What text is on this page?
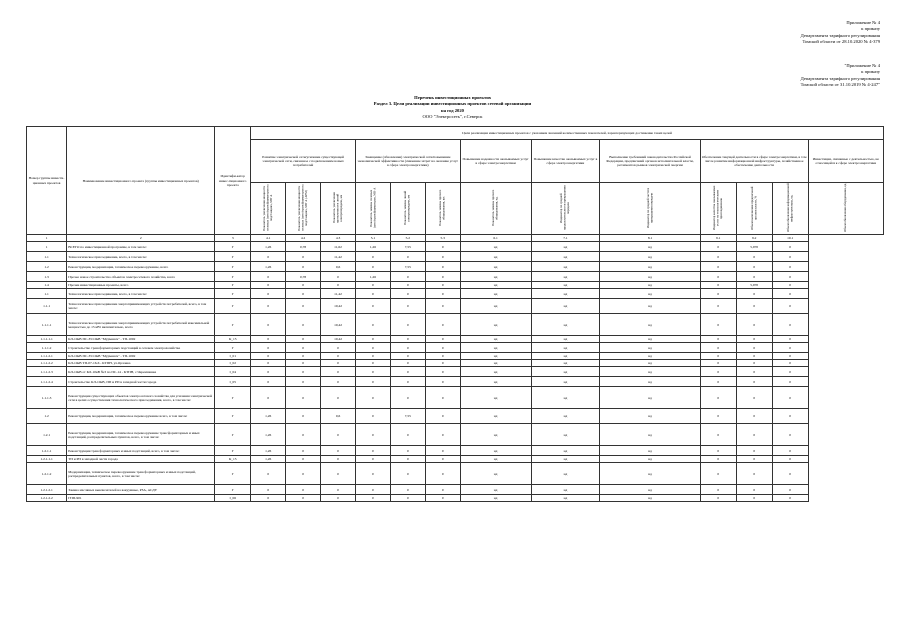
Приложение № 4
к приказу
Департамента тарифного регулирования
Томской области от 28.10.2020 № 4-379
"Приложение № 4
к приказу
Департамента тарифного регулирования
Томской области от 31.10.2019 № 4-247"
Перечень инвестиционных проектов
Раздел 3. Цели реализации инвестиционных проектов сетевой организации
на год 2020
ООО "Электросеть", г.Северск
Номер группы инвести-ционных проектов	Наименование инвестиционного проекта (группы инвестиционных проектов)	Идентифи-катор инвес-тиционного проекта	Цели реализации инвестиционных проектов с указанием значений количественных показателей, характеризующих достижение таких целей												
			Развитие электрической сети/усиление существующей электрической сети, связанное с подключением новых потребителей			Замещение (обновление) электрической сети/повышение экономической эффективности (снижение затрат на оказание услуг в сфере электроэнергетики)			Повышение надежности оказываемых услуг в сфере электроэнергетики	Повышение качества оказываемых услуг в сфере электроэнергетики	Выполнение требований законодательства Российской Федерации, предписаний органов исполнительной власти, регламентов рынков электрической энергии	Обеспечение текущей деятельности в сфере электроэнергетики, в том числе развитие информационной инфраструктуры, хозяйственное обеспечение деятельности			Инвестиции, связанные с деятельностью, не относящейся к сфере электроэнергетики
			Показатель увеличения мощности силовых (авто)трансформаторов на подстанциях, МВ·А	Показатель увеличения мощности силовых (авто)трансформаторов на подстанциях, МВ·А (АРМ)	Показатель увеличения протяженности линий электропередачи, км	Показатель замены силовых (авто)трансформаторов, МВ·А	Показатель замены линий электропередачи, км	Показатель замены прочего оборудования, шт.	Показатель замены прочего оборудования, ед.	Индикатор по средней продолжительности прекращения передачи	Индикатор по средней частоте прекращения передачи	Индикатор качества оказываемых услуг по технологическому присоединению	Объем выполнения предписаний органов власти, %	Объем обновления информационной инфраструктуры, ед.	Объем обновления оборудования, ед.
1	2	3	4.1	4.2	4.3	5.1	5.2	5.3	6.1	7.1	8.1	9.1	9.2	10.1	
1	ВСЕГО по инвестиционной программе, в том числе:	Г	1,26	0,78	11,62	1,26	7,55	0	нд	нд	нд	0	5,970	0	
1.1	Технологическое присоединение, всего, в том числе:	Г	0	0	11,42	0	0	0	нд	нд	нд	0	0	0	
1.2	Реконструкция, модернизация, техническое перевооружение, всего	Г	1,26	0	0,6	0	7,55	0	нд	нд	нд	0	0	0	
1.3	Прочее новое строительство объектов электросетевого хозяйства, всего	Г	0	0,78	0	1,26	0	0	нд	нд	нд	0	0	0	
1.4	Прочие инвестиционные проекты, всего	Г	0	0	0	0	0	0	нд	нд	нд	0	5,970	0	
1.1	Технологическое присоединение, всего, в том числе:	Г	0	0	11,42	0	0	0	нд	нд	нд	0	0	0	
1.1.1	Технологическое присоединение энергопринимающих устройств потребителей, всего, в том числе:	Г	0	0	10,42	0	0	0	нд	нд	нд	0	0	0	
1.1.1.1	Технологическое присоединение энергопринимающих устройств потребителей максимальной мощностью до 15 кВт включительно, всего	Г	0	0	10,42	0	0	0	нд	нд	нд	0	0	0	
1.1.1.1.1	КЛ-10кВ ПС-35/10кВ "Мурманск" - ТП-1002	К_15	0	0	10,42	0	0	0	нд	нд	нд	0	0	0	
1.1.1.2	Строительство трансформаторных подстанций в сетевом электрохозяйстве	Г	0	0	0	0	0	0	нд	нд	нд	0	0	0	
1.1.1.2.1	КЛ-10кВ ПС-35/10кВ "Мурманск" - ТП-1002	I_01	0	0	0	0	0	0	нд	нд	нд	0	0	0	
1.1.1.2.2	КЛ-10кВ ТП-07-16-6 - КТПН, ул.Орловка	I_02	0	0	0	0	0	0	нд	нд	нд	0	0	0	
1.1.1.2.3	КЛ-10кВ от КЛ-10кВ №3 по ПС-14 - КТПН, с.Черемшанка	I_04	0	0	0	0	0	0	нд	нд	нд	0	0	0	
1.1.1.2.4	Строительство КЛ-10кВ, ПП и РП в западной части города	I_05	0	0	0	0	0	0	нд	нд	нд	0	0	0	
1.1.1.3	Реконструкция существующих объектов электросетевого хозяйства для усиления электрической сети в целях осуществления технологического присоединения, всего, в том числе:	Г	0	0	0	0	0	0	нд	нд	нд	0	0	0	
1.2	Реконструкция, модернизация, техническое перевооружение всего, в том числе:	Г	1,26	0	0,6	0	7,55	0	нд	нд	нд	0	0	0	
1.2.1	Реконструкция, модернизация, техническое перевооружение трансформаторных и иных подстанций, распределительных пунктов, всего, в том числе:	Г	1,26	0	0	0	0	0	нд	нд	нд	0	0	0	
1.2.1.1	Реконструкция трансформаторных и иных подстанций, всего, в том числе:	Г	1,26	0	0	0	0	0	нд	нд	нд	0	0	0	
1.2.1.1.1	ТП и РП в западной части города	К_15	1,26	0	0	0	0	0	нд	нд	нд	0	0	0	
1.2.1.2	Модернизация, техническое перевооружение трансформаторных и иных подстанций, распределительных пунктов, всего, в том числе:	Г	0	0	0	0	0	0	нд	нд	нд	0	0	0	
1.2.1.2.1	Замена масляных выключателей на вакуумные, РЗА, АСДУ	Г	0	0	0	0	0	0	нд	нд	нд	0	0	0	
1.2.1.2.2	ГПП-901	I_06	0	0	0	0	0	0	нд	нд	нд	0	0	0	
